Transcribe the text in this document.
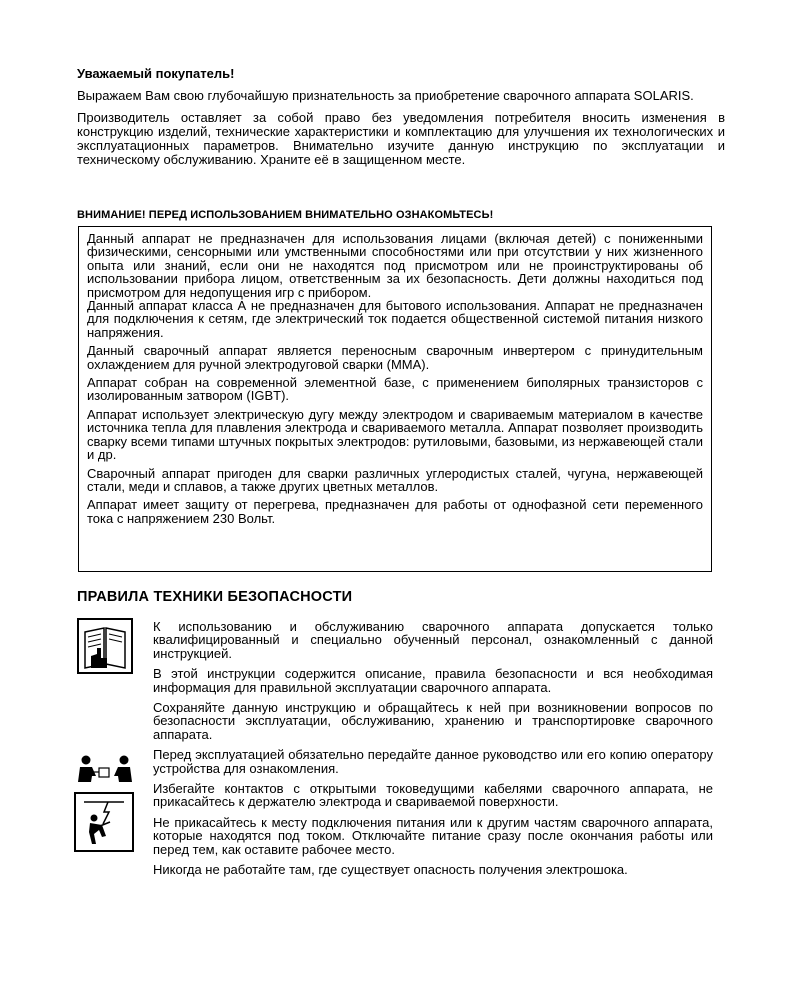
Уважаемый покупатель!

Выражаем Вам свою глубочайшую признательность за приобретение сварочного аппарата SOLARIS.

Производитель оставляет за собой право без уведомления потребителя вносить изменения в конструкцию изделий, технические характеристики и комплектацию для улучшения их технологических и эксплуатационных параметров. Внимательно изучите данную инструкцию по эксплуатации и техническому обслуживанию. Храните её в защищенном месте.

ВНИМАНИЕ! ПЕРЕД ИСПОЛЬЗОВАНИЕМ ВНИМАТЕЛЬНО ОЗНАКОМЬТЕСЬ!

Данный аппарат не предназначен для использования лицами (включая детей) с пониженными физическими, сенсорными или умственными способностями или при отсутствии у них жизненного опыта или знаний, если они не находятся под присмотром или не проинструктированы об использовании прибора лицом, ответственным за их безопасность. Дети должны находиться под присмотром для недопущения игр с прибором.

Данный аппарат класса А не предназначен для бытового использования. Аппарат не предназначен для подключения к сетям, где электрический ток подается общественной системой питания низкого напряжения.

Данный сварочный аппарат является переносным сварочным инвертером с принудительным охлаждением для ручной электродуговой сварки (ММА).

Аппарат собран на современной элементной базе, с применением биполярных транзисторов с изолированным затвором (IGBT).

Аппарат использует электрическую дугу между электродом и свариваемым материалом в качестве источника тепла для плавления электрода и свариваемого металла. Аппарат позволяет производить сварку всеми типами штучных покрытых электродов: рутиловыми, базовыми, из нержавеющей стали и др.

Сварочный аппарат пригоден для сварки различных углеродистых сталей, чугуна, нержавеющей стали, меди и сплавов, а также других цветных металлов.

Аппарат имеет защиту от перегрева, предназначен для работы от однофазной сети переменного тока с напряжением 230 Вольт.

ПРАВИЛА ТЕХНИКИ БЕЗОПАСНОСТИ

К использованию и обслуживанию сварочного аппарата допускается только квалифицированный и специально обученный персонал, ознакомленный с данной инструкцией.

В этой инструкции содержится описание, правила безопасности и вся необходимая информация для правильной эксплуатации сварочного аппарата.

Сохраняйте данную инструкцию и обращайтесь к ней при возникновении вопросов по безопасности эксплуатации, обслуживанию, хранению и транспортировке сварочного аппарата.

Перед эксплуатацией обязательно передайте данное руководство или его копию оператору устройства для ознакомления.

Избегайте контактов с открытыми токоведущими кабелями сварочного аппарата, не прикасайтесь к держателю электрода и свариваемой поверхности.

Не прикасайтесь к месту подключения питания или к другим частям сварочного аппарата, которые находятся под током. Отключайте питание сразу после окончания работы или перед тем, как оставите рабочее место.

Никогда не работайте там, где существует опасность получения электрошока.
